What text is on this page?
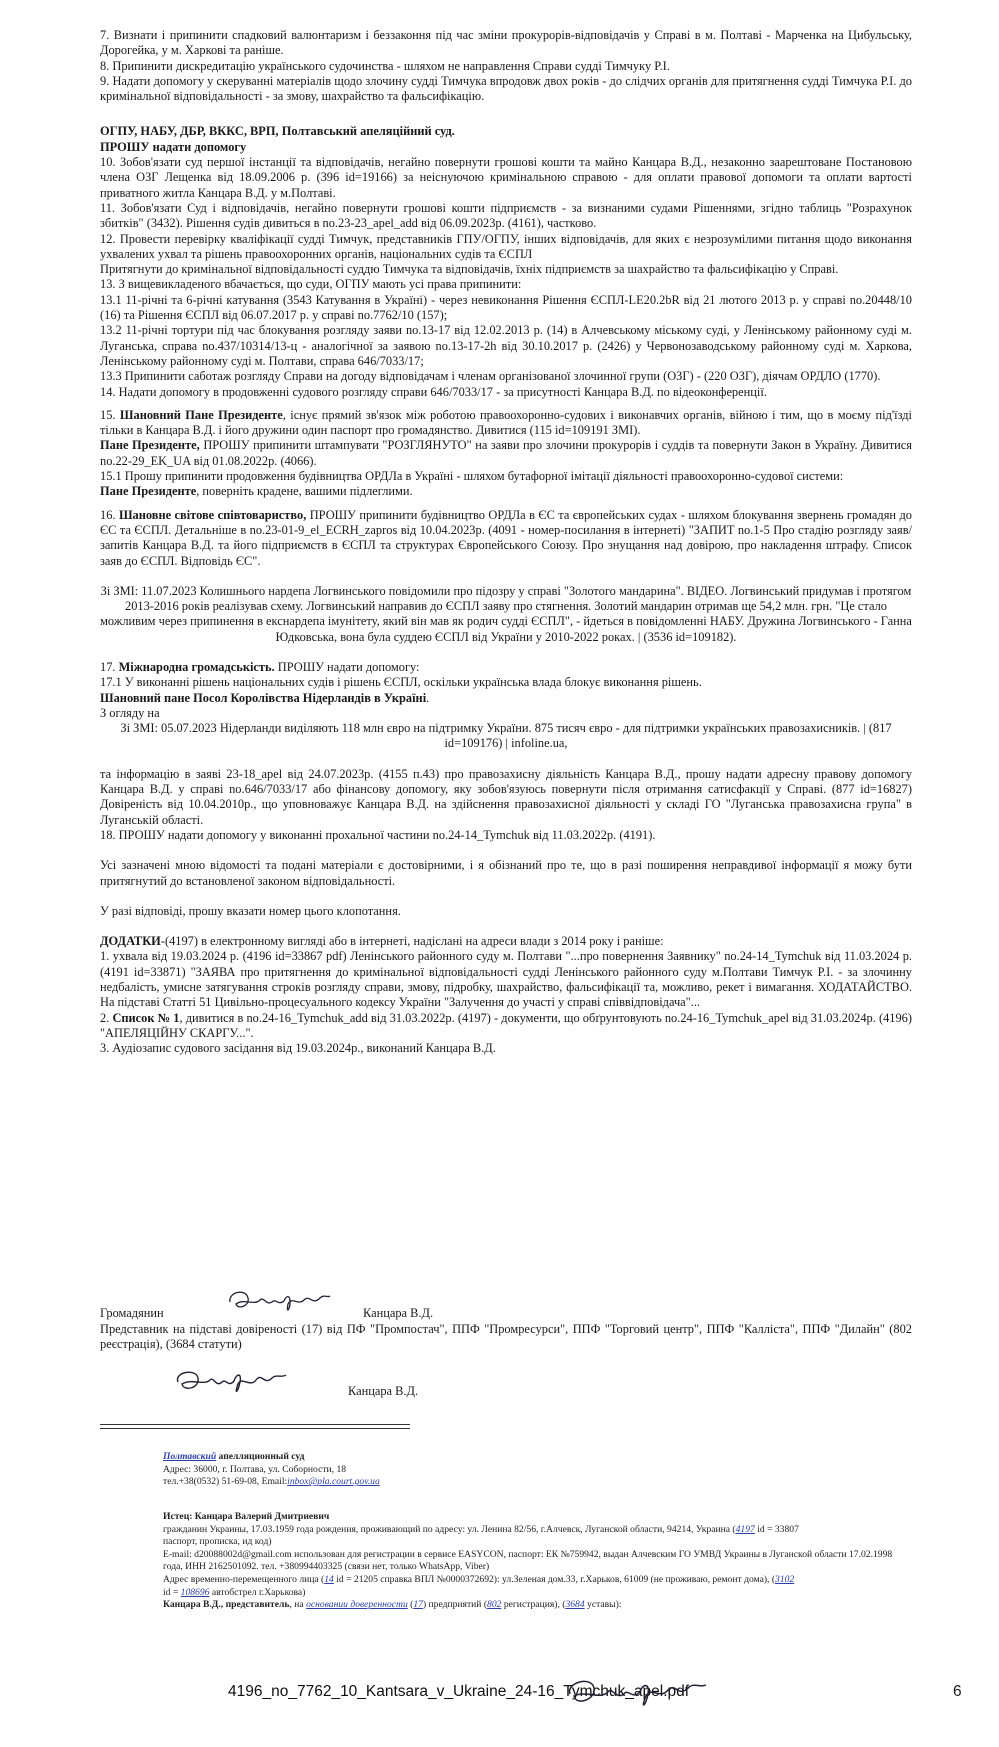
7. Визнати і припинити спадковий валюнтаризм і беззаконня під час зміни прокурорів-відповідачів у Справі в м. Полтаві - Марченка на Цибульську, Дорогейка, у м. Харкові та раніше.

8. Припинити дискредитацію українського судочинства - шляхом не направлення Справи судді Тимчуку Р.І.

9. Надати допомогу у скеруванні матеріалів щодо злочину судді Тимчука впродовж двох років - до слідчих органів для притягнення судді Тимчука Р.І. до кримінальної відповідальності - за змову, шахрайство та фальсифікацію.

ОГПУ, НАБУ, ДБР, ВККС, ВРП, Полтавський апеляційний суд.

ПРОШУ надати допомогу

10. Зобов'язати суд першої інстанції та відповідачів, негайно повернути грошові кошти та майно Канцара В.Д., незаконно заарештоване Постановою члена ОЗГ Лещенка від 18.09.2006 р. (396 id=19166) за неіснуючою кримінальною справою - для оплати правової допомоги та оплати вартості приватного житла Канцара В.Д. у м.Полтаві.

11. Зобов'язати Суд і відповідачів, негайно повернути грошові кошти підприємств - за визнаними судами Рішеннями, згідно таблиць "Розрахунок збитків" (3432). Рішення судів дивиться в no.23-23_apel_add від 06.09.2023р. (4161), частково.

12. Провести перевірку кваліфікації судді Тимчук, представників ГПУ/ОГПУ, інших відповідачів, для яких є незрозумілими питання щодо виконання ухвалених ухвал та рішень правоохоронних органів, національних судів та ЄСПЛ

Притягнути до кримінальної відповідальності суддю Тимчука та відповідачів, їхніх підприємств за шахрайство та фальсифікацію у Справі.

13. З вищевикладеного вбачається, що суди, ОГПУ мають усі права припинити:

13.1 11-річні та 6-річні катування (3543 Катування в Україні) - через невиконання Рішення ЄСПЛ-LE20.2bR від 21 лютого 2013 р. у справі no.20448/10 (16) та Рішення ЄСПЛ від 06.07.2017 р. у справі no.7762/10 (157);

13.2 11-річні тортури під час блокування розгляду заяви no.13-17 від 12.02.2013 р. (14) в Алчевському міському суді, у Ленінському районному суді м. Луганська, справа no.437/10314/13-ц - аналогічної за заявою no.13-17-2h від 30.10.2017 р. (2426) у Червонозаводському районному суді м. Харкова, Ленінському районному суді м. Полтави, справа 646/7033/17;

13.3 Припинити саботаж розгляду Справи на догоду відповідачам і членам організованої злочинної групи (ОЗГ) - (220 ОЗГ), діячам ОРДЛО (1770).

14. Надати допомогу в продовженні судового розгляду справи 646/7033/17 - за присутності Канцара В.Д. по відеоконференції.

15. Шановний Пане Президенте, існує прямий зв'язок між роботою правоохоронно-судових і виконавчих органів, війною і тим, що в моєму під'їзді тільки в Канцара В.Д. і його дружини один паспорт про громадянство. Дивитися (115 id=109191 ЗМІ).

Пане Президенте, ПРОШУ припинити штампувати "РОЗГЛЯНУТО" на заяви про злочини прокурорів і суддів та повернути Закон в Україну. Дивитися no.22-29_EK_UA від 01.08.2022р. (4066).

15.1 Прошу припинити продовження будівництва ОРДЛа в Україні - шляхом бутафорної імітації діяльності правоохоронно-судової системи:

Пане Президенте, поверніть крадене, вашими підлеглими.

16. Шановне світове співтовариство, ПРОШУ припинити будівництво ОРДЛа в ЄС та європейських судах - шляхом блокування звернень громадян до ЄС та ЄСПЛ. Детальніше в no.23-01-9_el_ECRH_zapros від 10.04.2023р. (4091 - номер-посилання в інтернеті) "ЗАПИТ no.1-5 Про стадію розгляду заяв/запитів Канцара В.Д. та його підприємств в ЄСПЛ та структурах Європейського Союзу. Про знущання над довірою, про накладення штрафу. Список заяв до ЄСПЛ. Відповідь ЄС".

Зі ЗМІ: 11.07.2023 Колишнього нардепа Логвинського повідомили про підозру у справі "Золотого мандарина". ВІДЕО. Логвинський придумав і протягом 2013-2016 років реалізував схему. Логвинський направив до ЄСПЛ заяву про стягнення. Золотий мандарин отримав ще 54,2 млн. грн. "Це стало можливим через припинення в екснардепа імунітету, який він мав як родич судді ЄСПЛ", - йдеться в повідомленні НАБУ. Дружина Логвинського - Ганна Юдковська, вона була суддею ЄСПЛ від України у 2010-2022 роках. | (3536 id=109182).

17. Міжнародна громадськість. ПРОШУ надати допомогу:

17.1 У виконанні рішень національних судів і рішень ЄСПЛ, оскільки українська влада блокує виконання рішень.

Шановний пане Посол Королівства Нідерландів в Україні.

З огляду на

Зі ЗМІ: 05.07.2023 Нідерланди виділяють 118 млн євро на підтримку України. 875 тисяч євро - для підтримки українських правозахисників. | (817 id=109176) | infoline.ua,

та інформацію в заяві 23-18_apel від 24.07.2023р. (4155 п.43) про правозахисну діяльність Канцара В.Д., прошу надати адресну правову допомогу Канцара В.Д. у справі no.646/7033/17 або фінансову допомогу, яку зобов'язуюсь повернути після отримання сатисфакції у Справі. (877 id=16827) Довіреність від 10.04.2010р., що уповноважує Канцара В.Д. на здійснення правозахисної діяльності у складі ГО "Луганська правозахисна група" в Луганській області.

18. ПРОШУ надати допомогу у виконанні прохальної частини no.24-14_Tymchuk від 11.03.2022р. (4191).

Усі зазначені мною відомості та подані матеріали є достовірними, і я обізнаний про те, що в разі поширення неправдивої інформації я можу бути притягнутий до встановленої законом відповідальності.

У разі відповіді, прошу вказати номер цього клопотання.

ДОДАТКИ-(4197) в електронному вигляді або в інтернеті, надіслані на адреси влади з 2014 року і раніше:

1. ухвала від 19.03.2024 р. (4196 id=33867 pdf) Ленінського районного суду м. Полтави "...про повернення Заявнику" no.24-14_Tymchuk від 11.03.2024 р. (4191 id=33871) "ЗАЯВА про притягнення до кримінальної відповідальності судді Ленінського районного суду м.Полтави Тимчук Р.І. - за злочинну недбалість, умисне затягування строків розгляду справи, змову, підробку, шахрайство, фальсифікації та, можливо, рекет і вимагання. ХОДАТАЙСТВО. На підставі Статті 51 Цивільно-процесуального кодексу України "Залучення до участі у справі співвідповідача"...

2. Список № 1, дивитися в no.24-16_Tymchuk_add від 31.03.2022р. (4197) - документи, що обґрунтовують no.24-16_Tymchuk_apel від 31.03.2024р. (4196) "АПЕЛЯЦІЙНУ СКАРГУ...".

3. Аудіозапис судового засідання від 19.03.2024р., виконаний Канцара В.Д.

Громадянин	Канцара В.Д.
Представник на підставі довіреності (17) від ПФ "Промпостач", ППФ "Промресурси", ППФ "Торговий центр", ППФ "Калліста", ППФ "Дилайн" (802 реєстрація), (3684 статути)
Канцара В.Д.
Полтавский апелляционный суд
Адрес: 36000, г. Полтава, ул. Соборности, 18
тел.+38(0532) 51-69-08, Email:inbox@pla.court.gov.ua
Истец: Канцара Валерий Дмитриевич
гражданин Украины, 17.03.1959 года рождения, проживающий по адресу: ул. Ленина 82/56, г.Алчевск, Луганской области, 94214, Украина (4197 id = 33807
паспорт, прописка, ид код)
E-mail: d20088002d@gmail.com использован для регистрации в сервисе EASYCON, паспорт: ЕК №759942, выдан Алчевским ГО УМВД Украины в Луганской области 17.02.1998 года, ИНН 2162501092. тел. +380994403325 (связи нет, только WhatsApp, Viber)
Адрес временно-перемещенного лица (14 id = 21205 справка ВПЛ №0000372692): ул.Зеленая дом.33, г.Харьков, 61009 (не проживаю, ремонт дома), (3102
id = 108696 автобстрел г.Харькова)
Канцара В.Д., представитель, на основании доверенности (17) предприятий (802 регистрация), (3684 уставы):
4196_no_7762_10_Kantsara_v_Ukraine_24-16_Tymchuk_apel.pdf	6
